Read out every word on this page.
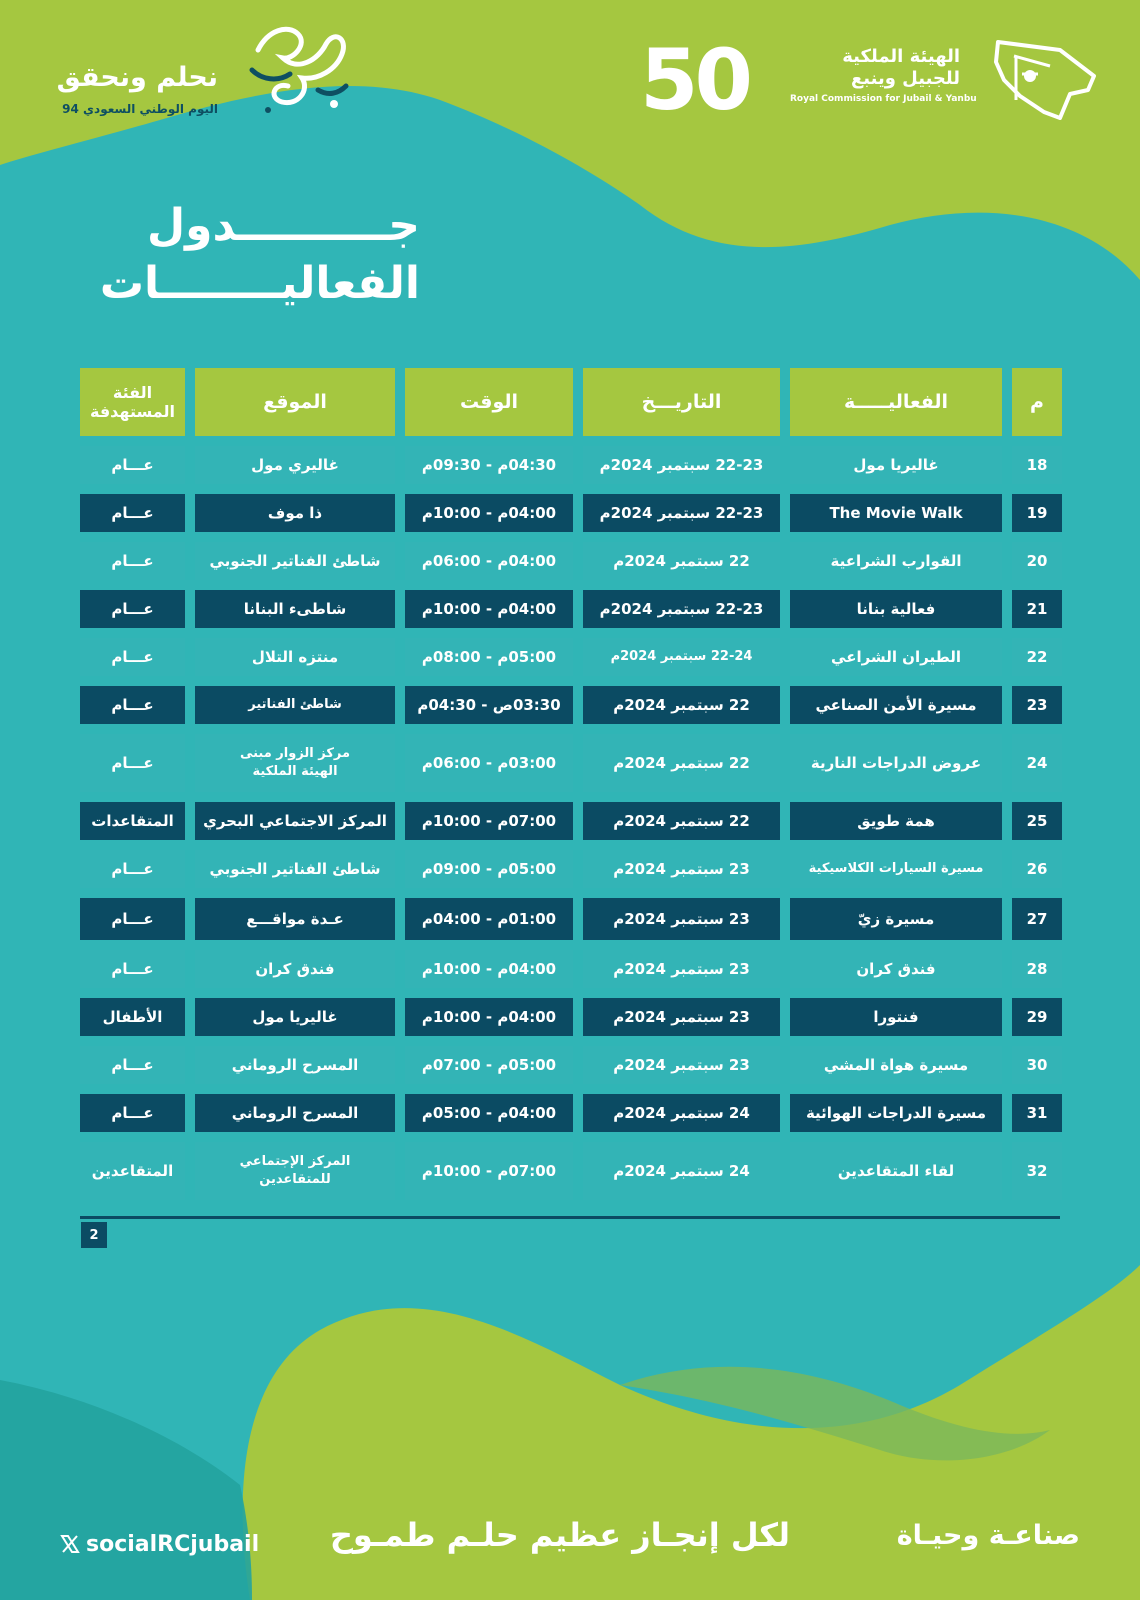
50	الهيئة الملكية
للجبيل وينبع
Royal Commission for Jubail & Yanbu
نحلم ونحقق
اليوم الوطني السعودي 94
جــــــــــدول
الفعاليــــــــات
م
الفعاليـــــة
التاريـــخ
الوقت
الموقع
الفئة المستهدفة
18
غاليريا مول
22-23 سبتمبر 2024م
04:30م - 09:30م
غاليري مول
عـــام
19
The Movie Walk
22-23 سبتمبر 2024م
04:00م - 10:00م
ذا موف
عـــام
20
القوارب الشراعية
22 سبتمبر 2024م
04:00م - 06:00م
شاطئ الفناتير الجنوبي
عـــام
21
فعالية بنانا
22-23 سبتمبر 2024م
04:00م - 10:00م
شاطىء البنانا
عـــام
22
الطيران الشراعي
22-24 سبتمبر 2024م
05:00م - 08:00م
منتزه التلال
عـــام
23
مسيرة الأمن الصناعي
22 سبتمبر 2024م
03:30ص - 04:30م
شاطئ الفناتير
عـــام
24
عروض الدراجات النارية
22 سبتمبر 2024م
03:00م - 06:00م
مركز الزوار مبنى الهيئة الملكية
عـــام
25
همة طويق
22 سبتمبر 2024م
07:00م - 10:00م
المركز الاجتماعي البحري
المتقاعدات
26
مسيرة السيارات الكلاسيكية
23 سبتمبر 2024م
05:00م - 09:00م
شاطئ الفناتير الجنوبي
عـــام
27
مسيرة زيّ
23 سبتمبر 2024م
01:00م - 04:00م
عـدة مواقـــع
عـــام
28
فندق كران
23 سبتمبر 2024م
04:00م - 10:00م
فندق كران
عـــام
29
فنتورا
23 سبتمبر 2024م
04:00م - 10:00م
غاليريا مول
الأطفال
30
مسيرة هواة المشي
23 سبتمبر 2024م
05:00م - 07:00م
المسرح الروماني
عـــام
31
مسيرة الدراجات الهوائية
24 سبتمبر 2024م
04:00م - 05:00م
المسرح الروماني
عـــام
32
لقاء المتقاعدين
24 سبتمبر 2024م
07:00م - 10:00م
المركز الإجتماعي للمتقاعدين
المتقاعدين
2
socialRCjubail لكل إنجـاز عظيم حلـم طمـوح	صناعـة وحيـاة
